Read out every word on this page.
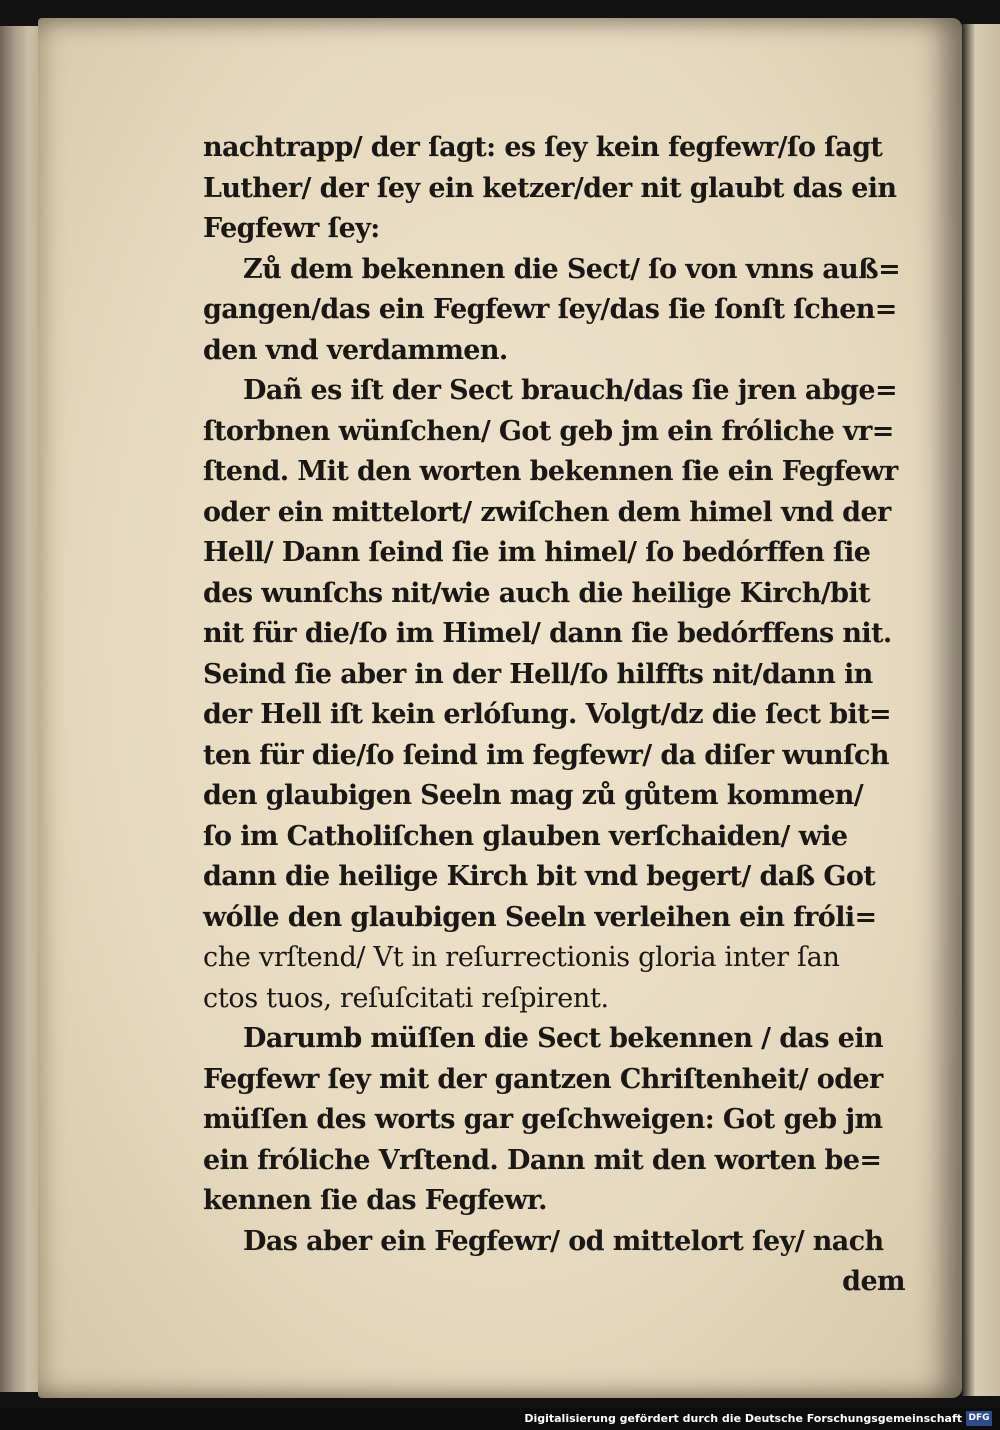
nachtrapp/ der ſagt: es ſey kein fegfewr/ſo ſagt
Luther/ der ſey ein ketzer/der nit glaubt das ein
Fegfewr ſey:
Zů dem bekennen die Sect/ ſo von vnns auß=
gangen/das ein Fegfewr ſey/das ſie ſonſt ſchen=
den vnd verdammen.
Dañ es iſt der Sect brauch/das ſie jren abge=
ſtorbnen wünſchen/ Got geb jm ein fróliche vr=
ſtend. Mit den worten bekennen ſie ein Fegfewr
oder ein mittelort/ zwiſchen dem himel vnd der
Hell/ Dann ſeind ſie im himel/ ſo bedórffen ſie
des wunſchs nit/wie auch die heilige Kirch/bit
nit für die/ſo im Himel/ dann ſie bedórffens nit.
Seind ſie aber in der Hell/ſo hilffts nit/dann in
der Hell iſt kein erlóſung. Volgt/dz die ſect bit=
ten für die/ſo ſeind im fegfewr/ da diſer wunſch
den glaubigen Seeln mag zů gůtem kommen/
ſo im Catholiſchen glauben verſchaiden/ wie
dann die heilige Kirch bit vnd begert/ daß Got
wólle den glaubigen Seeln verleihen ein fróli=
che vrſtend/ Vt in reſurrectionis gloria inter ſan
ctos tuos, reſuſcitati reſpirent.
Darumb müſſen die Sect bekennen / das ein
Fegfewr ſey mit der gantzen Chriſtenheit/ oder
müſſen des worts gar geſchweigen: Got geb jm
ein fróliche Vrſtend. Dann mit den worten be=
kennen ſie das Fegfewr.
Das aber ein Fegfewr/ od mittelort ſey/ nach
dem
Digitalisierung gefördert durch die Deutsche Forschungsgemeinschaft DFG
